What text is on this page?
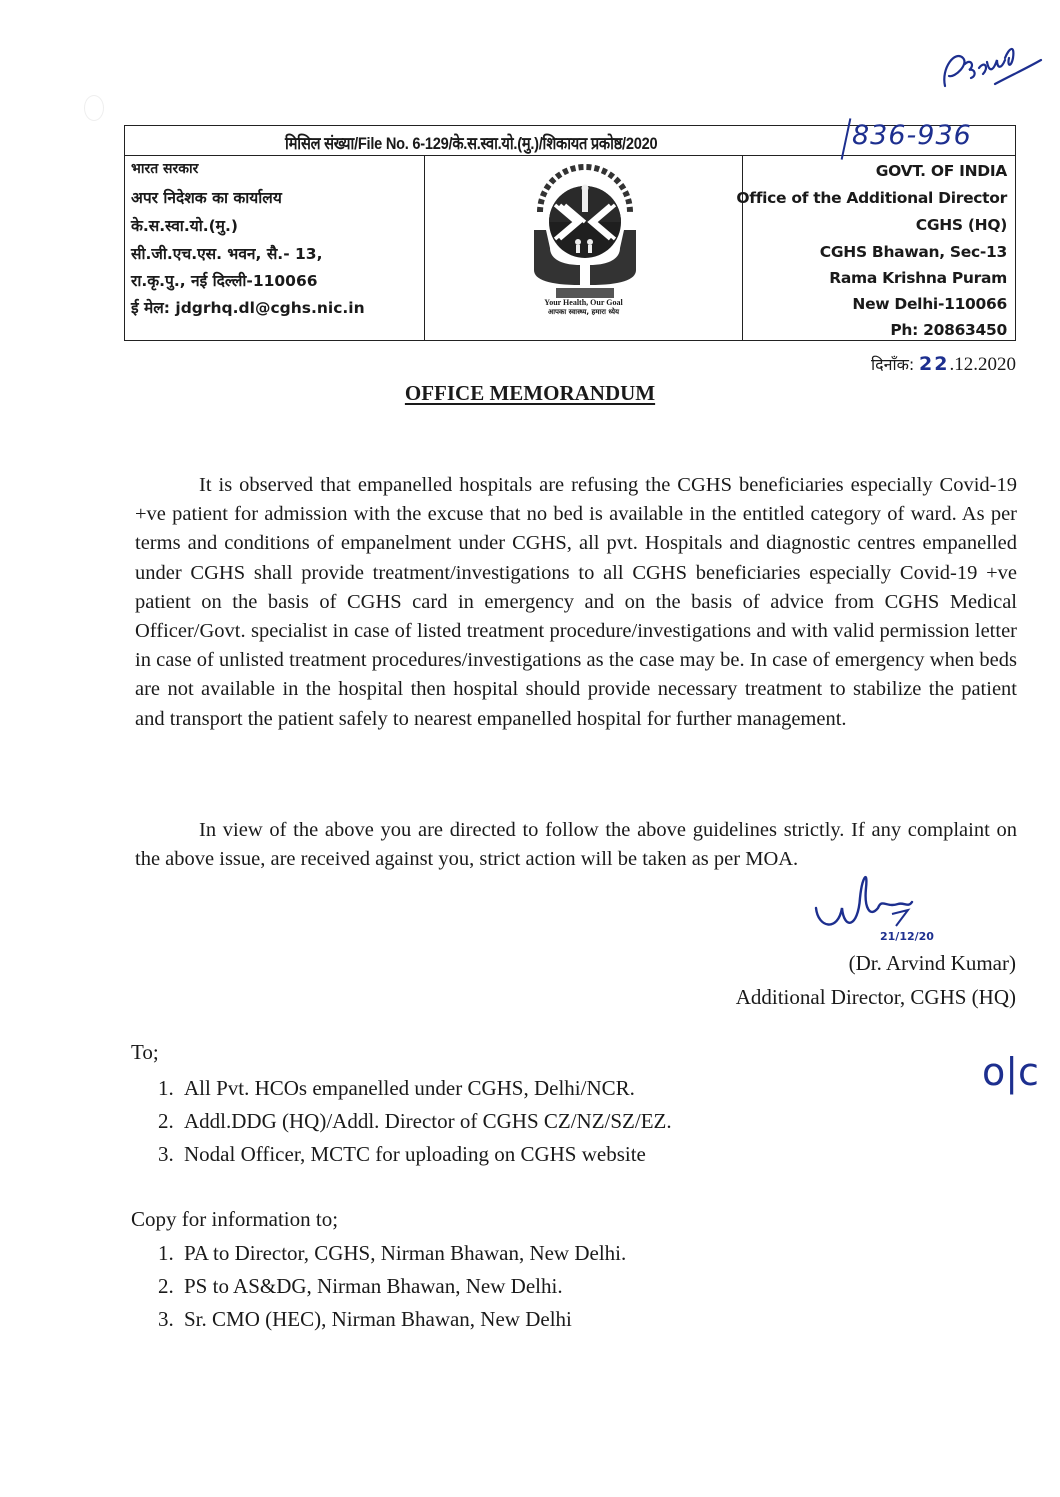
मिसिल संख्या/File No. 6-129/के.स.स्वा.यो.(मु.)/शिकायत प्रकोष्ठ/2020	836-936
भारत सरकार
अपर निदेशक का कार्यालय
के.स.स्वा.यो.(मु.)
सी.जी.एच.एस. भवन, सै.- 13,
रा.कृ.पु., नई दिल्ली-110066
ई मेल: jdgrhq.dl@cghs.nic.in	Your Health, Our Goal
आपका स्वास्थ्य, हमारा ध्येय
GOVT. OF INDIA
Office of the Additional Director
CGHS (HQ)
CGHS Bhawan, Sec-13
Rama Krishna Puram
New Delhi-110066
Ph: 20863450
दिनाँक: 22.12.2020
OFFICE MEMORANDUM

It is observed that empanelled hospitals are refusing the CGHS beneficiaries especially Covid-19 +ve patient for admission with the excuse that no bed is available in the entitled category of ward. As per terms and conditions of empanelment under CGHS, all pvt. Hospitals and diagnostic centres empanelled under CGHS shall provide treatment/investigations to all CGHS beneficiaries especially Covid-19 +ve patient on the basis of CGHS card in emergency and on the basis of advice from CGHS Medical Officer/Govt. specialist in case of listed treatment procedure/investigations and with valid permission letter in case of unlisted treatment procedures/investigations as the case may be. In case of emergency when beds are not available in the hospital then hospital should provide necessary treatment to stabilize the patient and transport the patient safely to nearest empanelled hospital for further management.

In view of the above you are directed to follow the above guidelines strictly. If any complaint on the above issue, are received against you, strict action will be taken as per MOA.

21/12/20
(Dr. Arvind Kumar)
Additional Director, CGHS (HQ)
o|c
To;
1. All Pvt. HCOs empanelled under CGHS, Delhi/NCR.
2. Addl.DDG (HQ)/Addl. Director of CGHS CZ/NZ/SZ/EZ.
3. Nodal Officer, MCTC for uploading on CGHS website
Copy for information to;
1. PA to Director, CGHS, Nirman Bhawan, New Delhi.
2. PS to AS&DG, Nirman Bhawan, New Delhi.
3. Sr. CMO (HEC), Nirman Bhawan, New Delhi
